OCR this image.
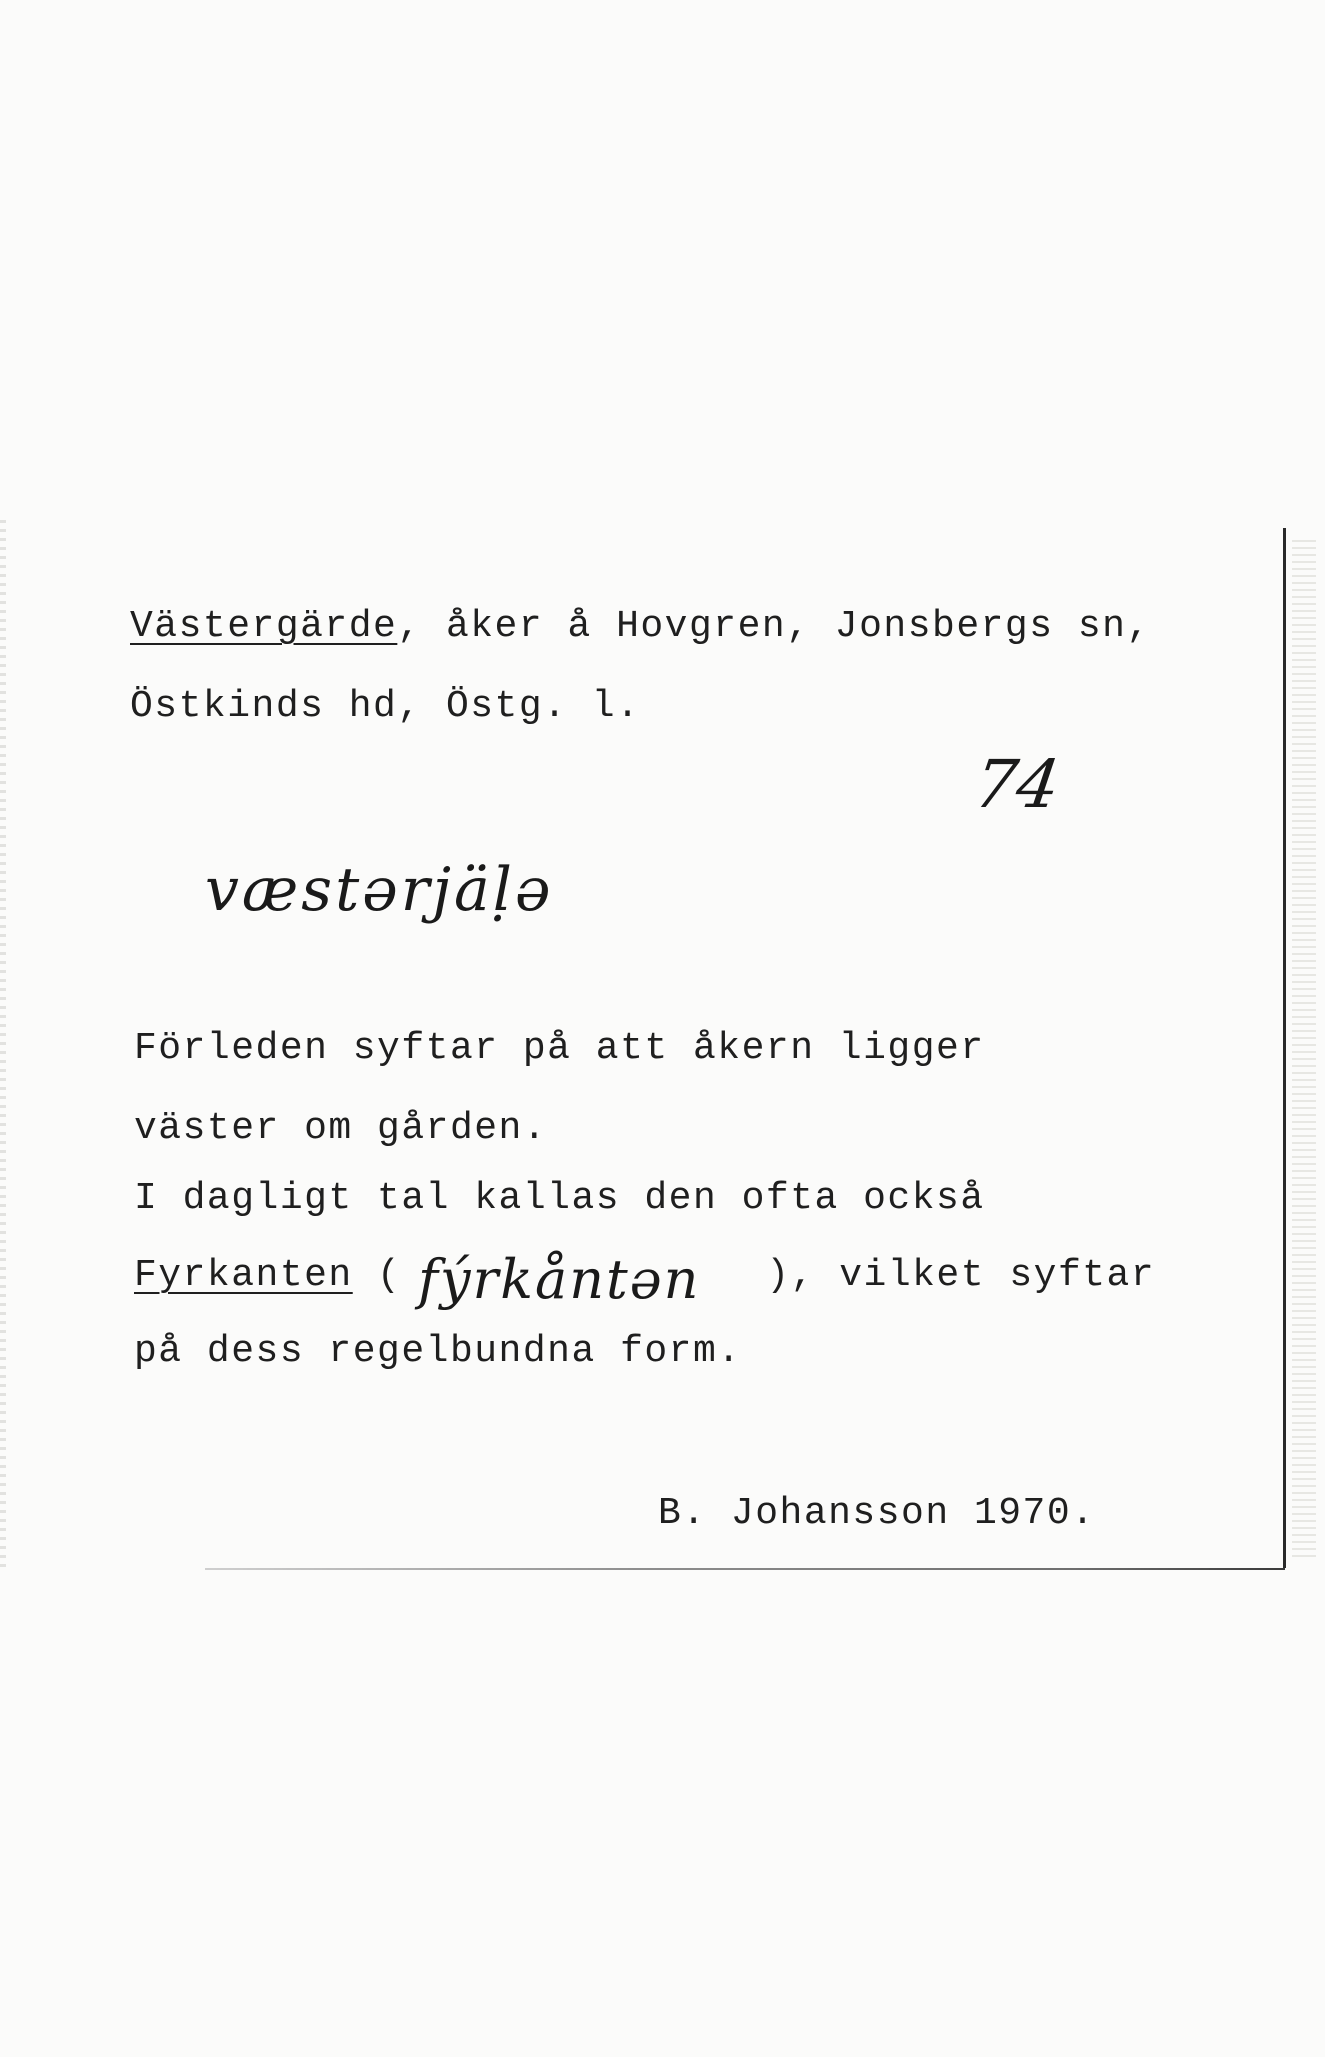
Västergärde, åker å Hovgren, Jonsbergs sn,
Östkinds hd, Östg. l.
74
væstərjäḷə
Förleden syftar på att åkern ligger
väster om gården.
I dagligt tal kallas den ofta också
Fyrkanten ( fýrkåntən ), vilket syftar
på dess regelbundna form.
B. Johansson 1970.
